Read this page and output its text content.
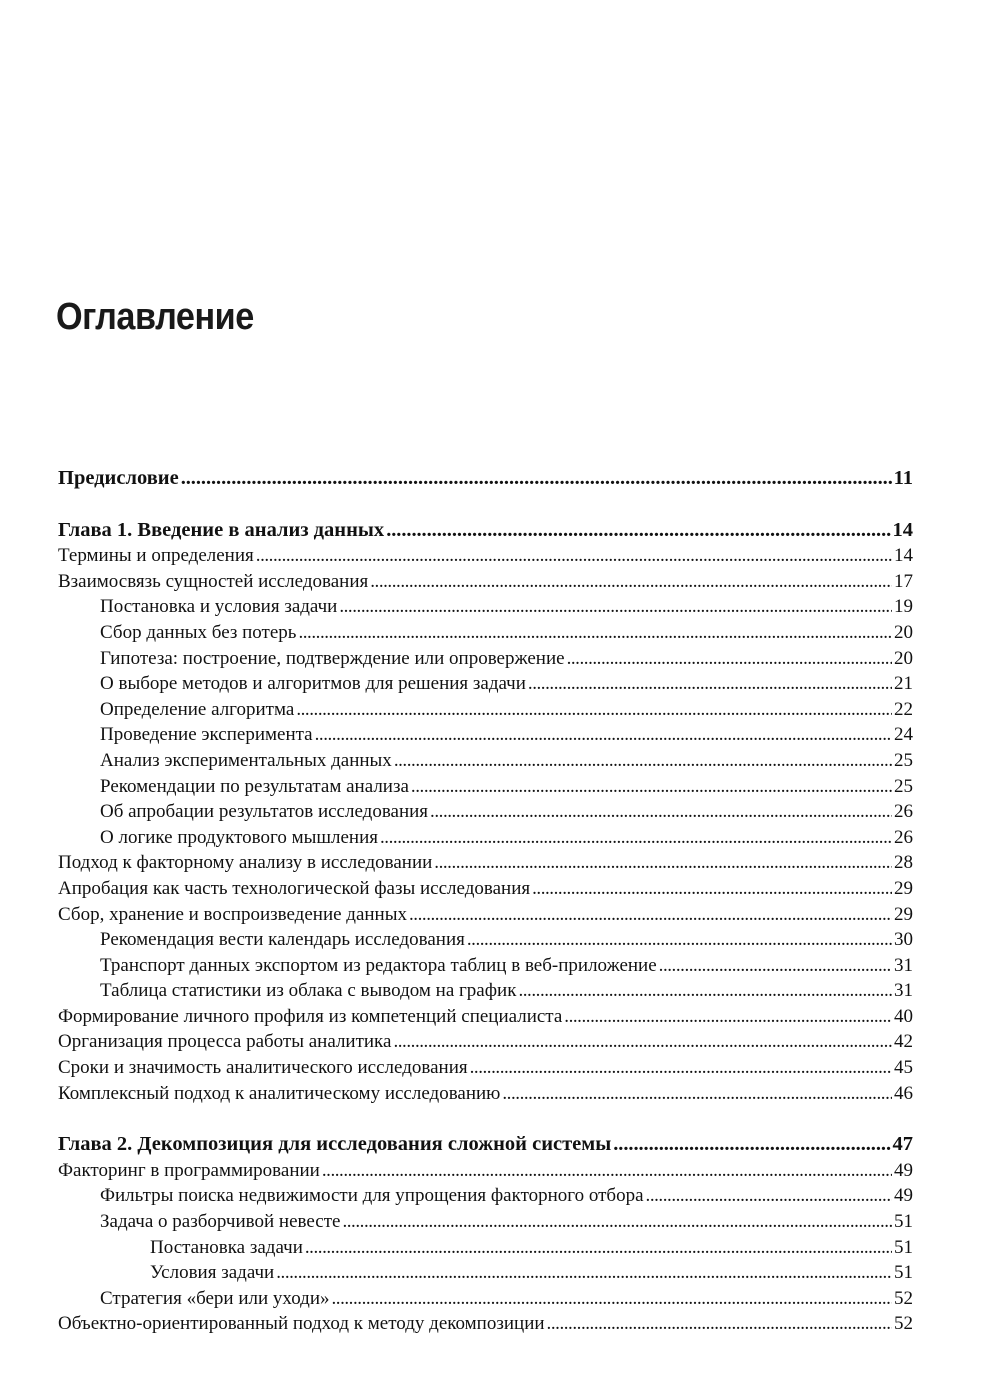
Оглавление
Предисловие . . .	11
Глава 1. Введение в анализ данных . . .	14
Термины и определения . . .	14
Взаимосвязь сущностей исследования . . .	17
Постановка и условия задачи . . .	19
Сбор данных без потерь . . .	20
Гипотеза: построение, подтверждение или опровержение . . .	20
О выборе методов и алгоритмов для решения задачи . . .	21
Определение алгоритма . . .	22
Проведение эксперимента . . .	24
Анализ экспериментальных данных . . .	25
Рекомендации по результатам анализа . . .	25
Об апробации результатов исследования . . .	26
О логике продуктового мышления . . .	26
Подход к факторному анализу в исследовании . . .	28
Апробация как часть технологической фазы исследования . . .	29
Сбор, хранение и воспроизведение данных . . .	29
Рекомендация вести календарь исследования . . .	30
Транспорт данных экспортом из редактора таблиц в веб-приложение . . .	31
Таблица статистики из облака с выводом на график . . .	31
Формирование личного профиля из компетенций специалиста . . .	40
Организация процесса работы аналитика . . .	42
Сроки и значимость аналитического исследования . . .	45
Комплексный подход к аналитическому исследованию . . .	46
Глава 2. Декомпозиция для исследования сложной системы . . .	47
Факторинг в программировании . . .	49
Фильтры поиска недвижимости для упрощения факторного отбора . . .	49
Задача о разборчивой невесте . . .	51
Постановка задачи . . .	51
Условия задачи . . .	51
Стратегия «бери или уходи» . . .	52
Объектно-ориентированный подход к методу декомпозиции . . .	52
